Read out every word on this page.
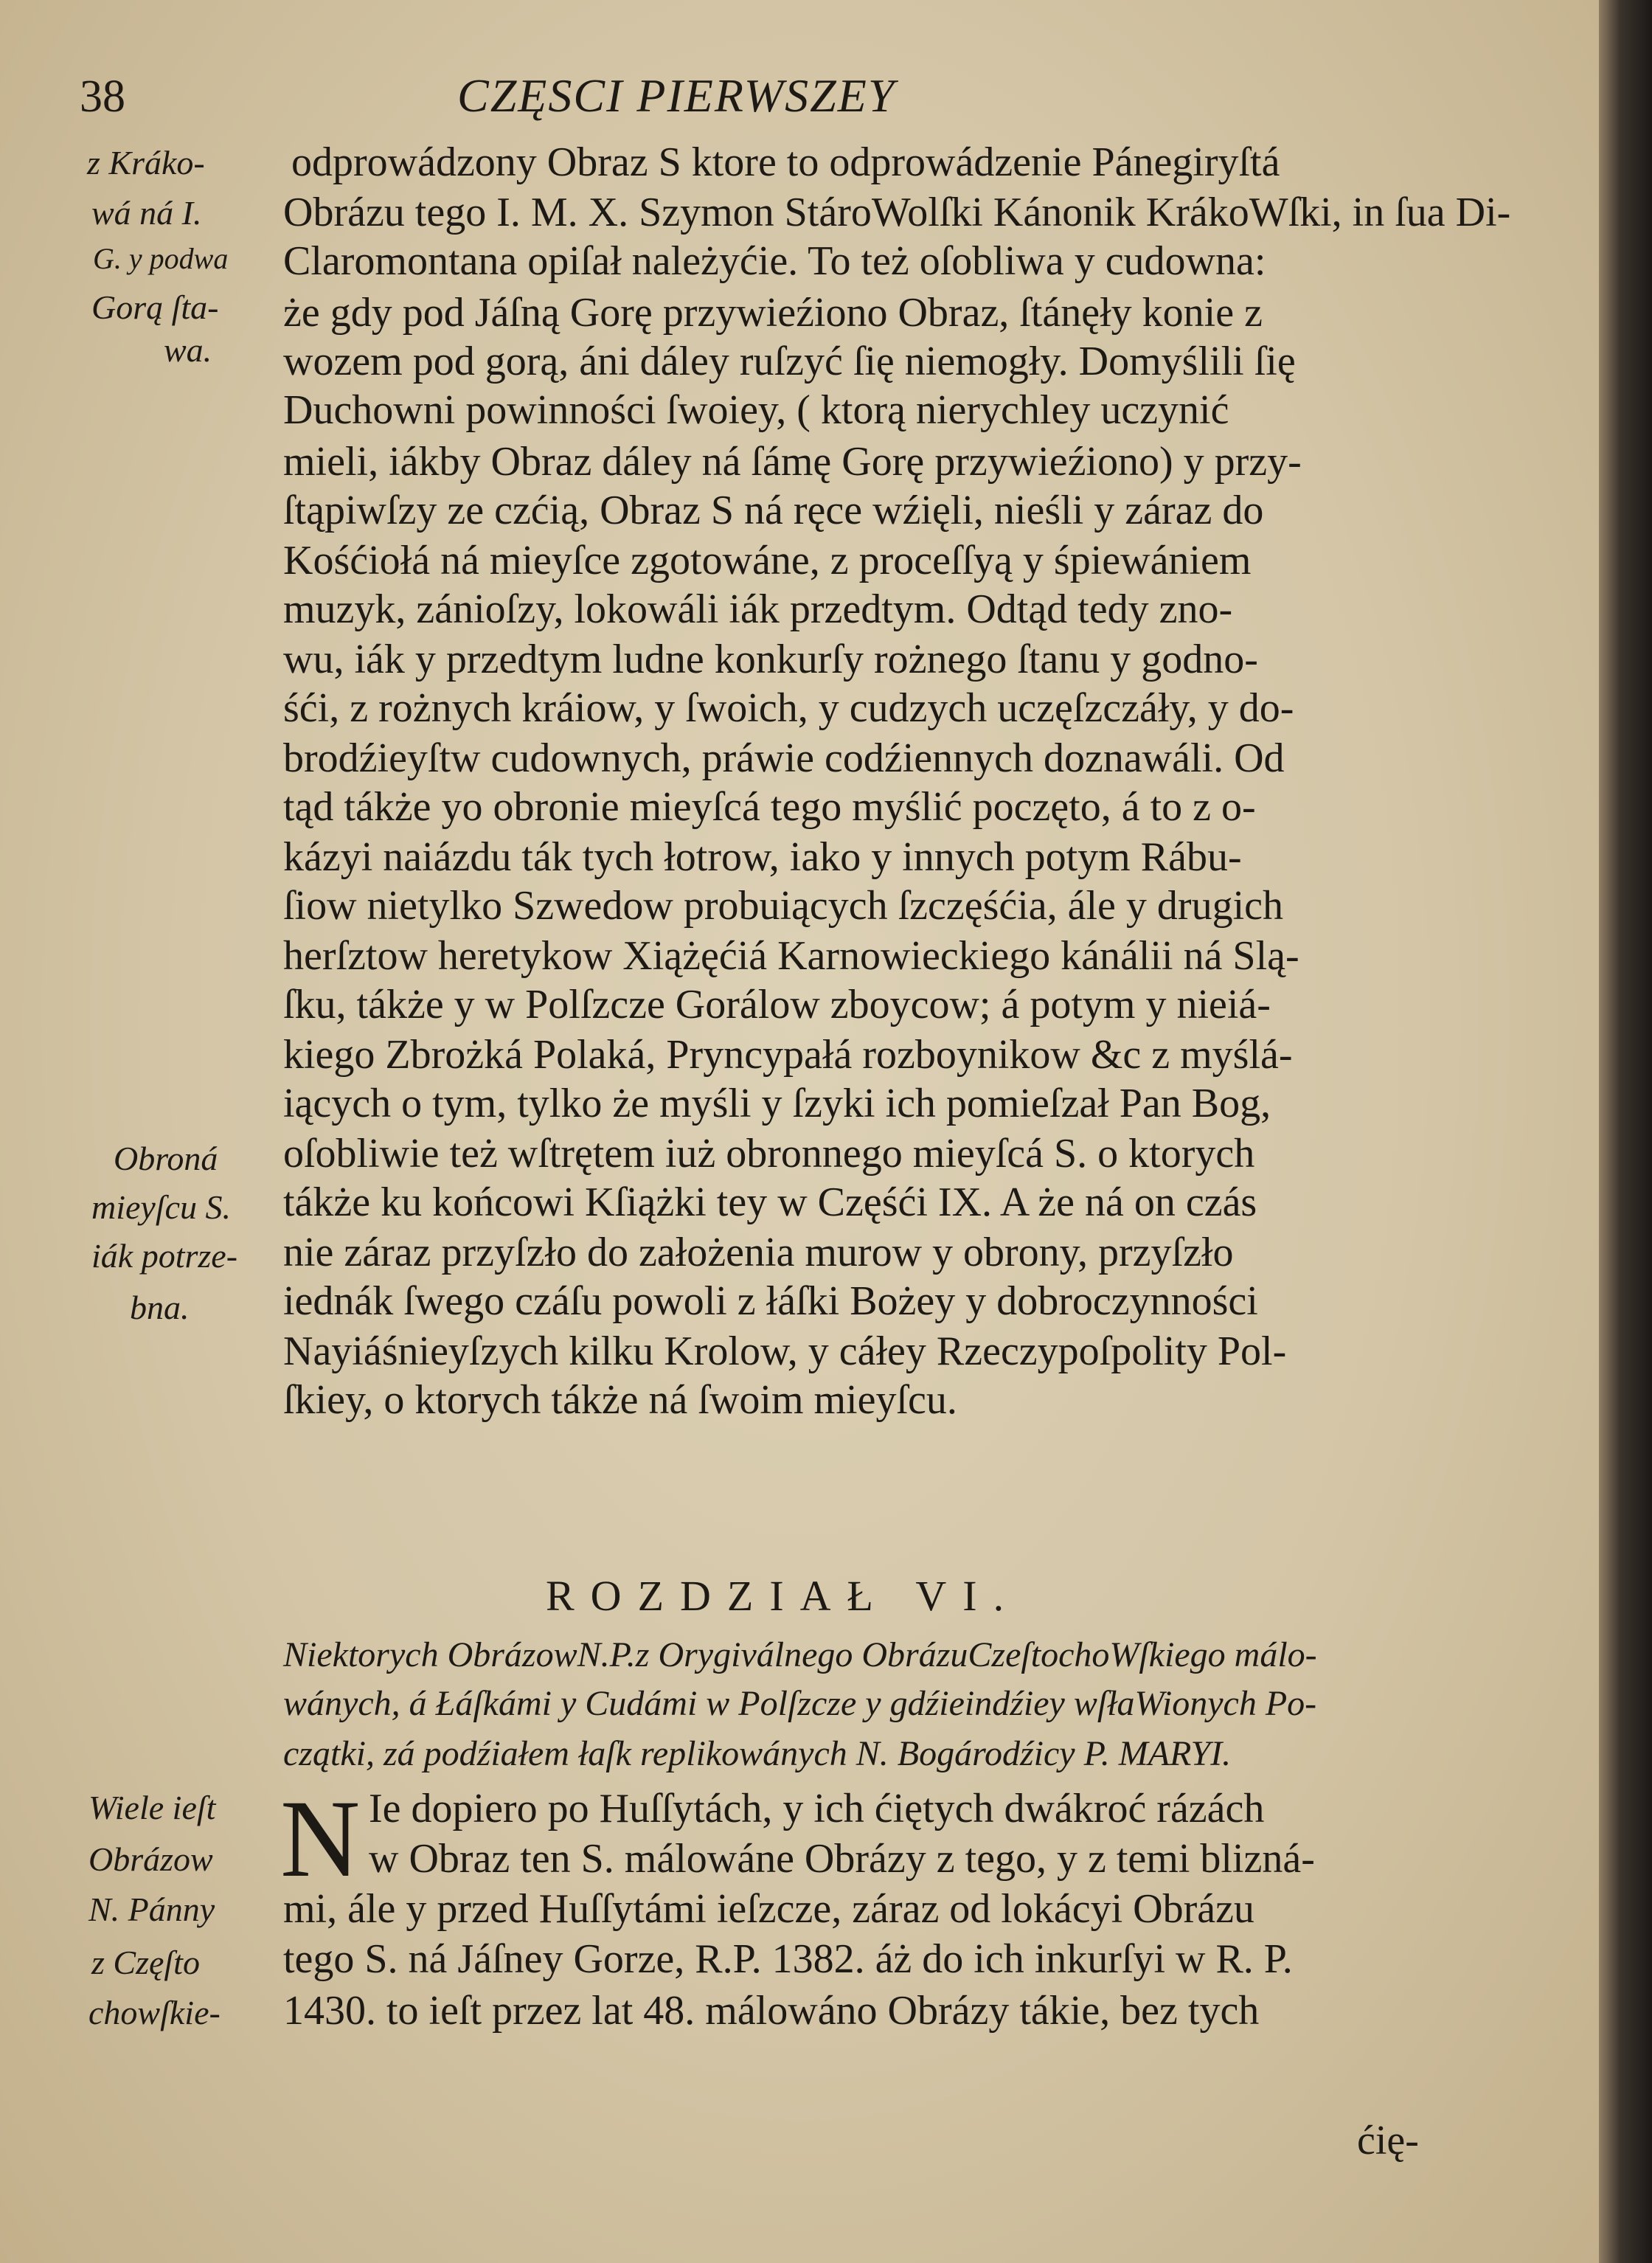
38	CZĘSCI PIERWSZEY
z Kráko-
wá ná I.
G. y podwa
Gorą ſta-
wa.
Obroná
mieyſcu S.
iák potrze-
bna.
Wiele ieſt
Obrázow
N. Pánny
z Częſto
chowſkie-
odprowádzony Obraz S ktore to odprowádzenie Pánegiryſtá
Obrázu tego I. M. X. Szymon StároWolſki Kánonik KrákoWſki, in ſua Di-
Claromontana opiſał należyćie. To też oſobliwa y cudowna:
że gdy pod Jáſną Gorę przywieźiono Obraz, ſtánęły konie z
wozem pod gorą, áni dáley ruſzyć ſię niemogły. Domyślili ſię
Duchowni powinności ſwoiey, ( ktorą nierychley uczynić
mieli, iákby Obraz dáley ná ſámę Gorę przywieźiono) y przy-
ſtąpiwſzy ze czćią, Obraz S ná ręce wźięli, nieśli y záraz do
Kośćiołá ná mieyſce zgotowáne, z proceſſyą y śpiewániem
muzyk, zánioſzy, lokowáli iák przedtym. Odtąd tedy zno-
wu, iák y przedtym ludne konkurſy rożnego ſtanu y godno-
śći, z rożnych kráiow, y ſwoich, y cudzych uczęſzczáły, y do-
brodźieyſtw cudownych, práwie codźiennych doznawáli. Od
tąd tákże yo obronie mieyſcá tego myślić poczęto, á to z o-
kázyi naiázdu ták tych łotrow, iako y innych potym Rábu-
ſiow nietylko Szwedow probuiących ſzczęśćia, ále y drugich
herſztow heretykow Xiążęćiá Karnowieckiego kánálii ná Slą-
ſku, tákże y w Polſzcze Gorálow zboycow; á potym y nieiá-
kiego Zbrożká Polaká, Pryncypałá rozboynikow &c z myślá-
iących o tym, tylko że myśli y ſzyki ich pomieſzał Pan Bog,
oſobliwie też wſtrętem iuż obronnego mieyſcá S. o ktorych
tákże ku końcowi Kſiążki tey w Częśći IX. A że ná on czás
nie záraz przyſzło do założenia murow y obrony, przyſzło
iednák ſwego czáſu powoli z łáſki Bożey y dobroczynności
Nayiáśnieyſzych kilku Krolow, y cáłey Rzeczypoſpolity Pol-
ſkiey, o ktorych tákże ná ſwoim mieyſcu.
ROZDZIAŁ VI.
Niektorych ObrázowN.P.z Orygiválnego ObrázuCzeſtochoWſkiego málo-
wánych, á Łáſkámi y Cudámi w Polſzcze y gdźieindźiey wſłaWionych Po-
czątki, zá podźiałem łaſk replikowánych N. Bogárodźicy P. MARYI.
N Ie dopiero po Huſſytách, y ich ćiętych dwákroć rázách
w Obraz ten S. málowáne Obrázy z tego, y z temi blizná-
mi, ále y przed Huſſytámi ieſzcze, záraz od lokácyi Obrázu
tego S. ná Jáſney Gorze, R.P. 1382. áż do ich inkurſyi w R. P.
1430. to ieſt przez lat 48. málowáno Obrázy tákie, bez tych
ćię-
